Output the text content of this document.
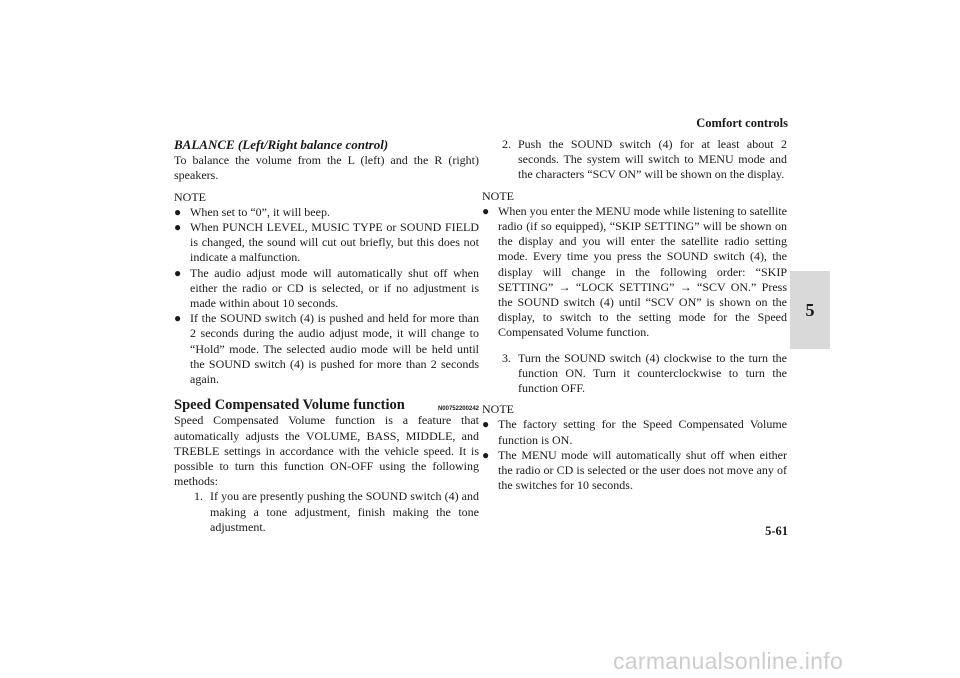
Comfort controls
BALANCE (Left/Right balance control)
To balance the volume from the L (left) and the R (right) speakers.
NOTE
● When set to “0”, it will beep.
● When PUNCH LEVEL, MUSIC TYPE or SOUND FIELD is changed, the sound will cut out briefly, but this does not indicate a malfunction.
● The audio adjust mode will automatically shut off when either the radio or CD is selected, or if no adjustment is made within about 10 seconds.
● If the SOUND switch (4) is pushed and held for more than 2 seconds during the audio adjust mode, it will change to “Hold” mode. The selected audio mode will be held until the SOUND switch (4) is pushed for more than 2 seconds again.
Speed Compensated Volume function	N00752200242
Speed Compensated Volume function is a feature that automatically adjusts the VOLUME, BASS, MIDDLE, and TREBLE settings in accordance with the vehicle speed. It is possible to turn this function ON-OFF using the following methods:
1. If you are presently pushing the SOUND switch (4) and making a tone adjustment, finish making the tone adjustment.
2. Push the SOUND switch (4) for at least about 2 seconds. The system will switch to MENU mode and the characters “SCV ON” will be shown on the display.
NOTE
● When you enter the MENU mode while listening to satellite radio (if so equipped), “SKIP SETTING” will be shown on the display and you will enter the satellite radio setting mode. Every time you press the SOUND switch (4), the display will change in the following order: “SKIP SETTING” → “LOCK SETTING” → “SCV ON.” Press the SOUND switch (4) until “SCV ON” is shown on the display, to switch to the setting mode for the Speed Compensated Volume function.
3. Turn the SOUND switch (4) clockwise to the turn the function ON. Turn it counterclockwise to turn the function OFF.
NOTE
● The factory setting for the Speed Compensated Volume function is ON.
● The MENU mode will automatically shut off when either the radio or CD is selected or the user does not move any of the switches for 10 seconds.
5
5-61
carmanualsonline.info
